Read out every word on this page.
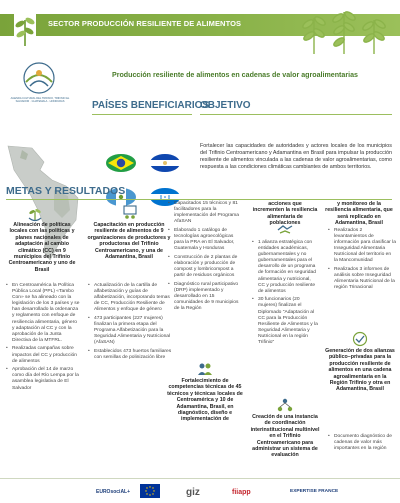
SECTOR PRODUCCIÓN RESILIENTE DE ALIMENTOS
AGENDA CULTURAL DEL TRIFINIO, TRIFINIO EL SALVADOR · GUATEMALA · HONDURAS
Producción resiliente de alimentos en cadenas de valor agroalimentarias
PAÍSES BENEFICIARIOS
OBJETIVO
Fortalecer las capacidades de autoridades y actores locales de los municipios del Trifinio Centroamericano y Adamantina en Brasil para impulsar la producción resiliente de alimentos vinculada a las cadenas de valor agroalimentarias, como respuesta a las condiciones climáticas cambiantes de ambos territorios.
METAS Y RESULTADOS
Alineación de políticas locales con las políticas y planes nacionales de adaptación al cambio climático (CC) en 9 municipios del Trifinio Centroamericano y uno de Brasil
• En Centroamérica la Política Pública Local (PPL) «Tambo Con» se ha alineado con la legislación de los 3 países y se han desarrollado la ordenanza y reglamento con enfoque de resiliencia alimentaria, género y adaptación al CC y con la aprobación de la Junta Directiva de la MTFRL.
• Realizadas campañas sobre impactos del CC y producción de alimentos
• Aprobación del 14 de marzo como día del Río Lempa por la asamblea legislativa de El Salvador
Capacitación en producción resiliente de alimentos de 9 organizaciones de productores y productoras del Trifinio Centroamericano, y una de Adamantina, Brasil
• Actualización de la cartilla de alfabetización y guías de alfabetización, incorporando temas de CC, Producción Resiliente de Alimentos y enfoque de género
• 473 participantes (227 mujeres) finalizan la primera etapa del Programa Alfabetización para la Seguridad Alimentaria y Nutricional (AfaSAN)
• Establecidos 473 huertos familiares con semillas de polinización libre
• Capacitados 15 técnicos y 81 facilitadores para la implementación del Programa AfaSAN
• Elaborado 1 catálogo de tecnologías agroecológicas para la PRA en El Salvador, Guatemala y Honduras
• Construcción de 2 plantas de elaboración y producción de compost y lombricompost a partir de residuos orgánicos
• Diagnóstico rural participativo (DRP) implementado y desarrollado en 15 comunidades de 9 municipios de la Región
Fortalecimiento de competencias técnicas de 45 técnicos y técnicas locales de Centroamérica y 10 de Adamantina, Brasil, en diagnóstico, diseño e implementación de
acciones que incrementen la resiliencia alimentaria de poblaciones
• 1 alianza estratégica con entidades académicas, gubernamentales y no gubernamentales para el desarrollo de un programa de formación en seguridad alimentaria y nutricional, CC y producción resiliente de alimentos
• 30 funcionarios (20 mujeres) finalizan el Diplomado "Adaptación al CC para la Producción Resiliente de Alimentos y la Seguridad Alimentaria y Nutricional en la región Trifinio"
Creación de una instancia de coordinación interinstitucional multinivel en el Trifinio Centroamericano para administrar un sistema de evaluación
y monitoreo de la resiliencia alimentaria, que será replicado en Adamantina, Brasil
• Realizados 2 levantamientos de información para clasificar la Inseguridad Alimentaria Nutricional del territorio en la Mancomunidad
• Realizados 3 informes de análisis sobre Inseguridad Alimentaria Nutricional de la región Trinacional
Generación de dos alianzas público–privadas para la producción resiliente de alimentos en una cadena agroalimentaria en la Región Trifinio y otra en Adamantina, Brasil
• Documento diagnóstico de cadenas de valor más importantes en la región
EUROsociAL+	giz	fiiapp	EXPERTISE FRANCE
